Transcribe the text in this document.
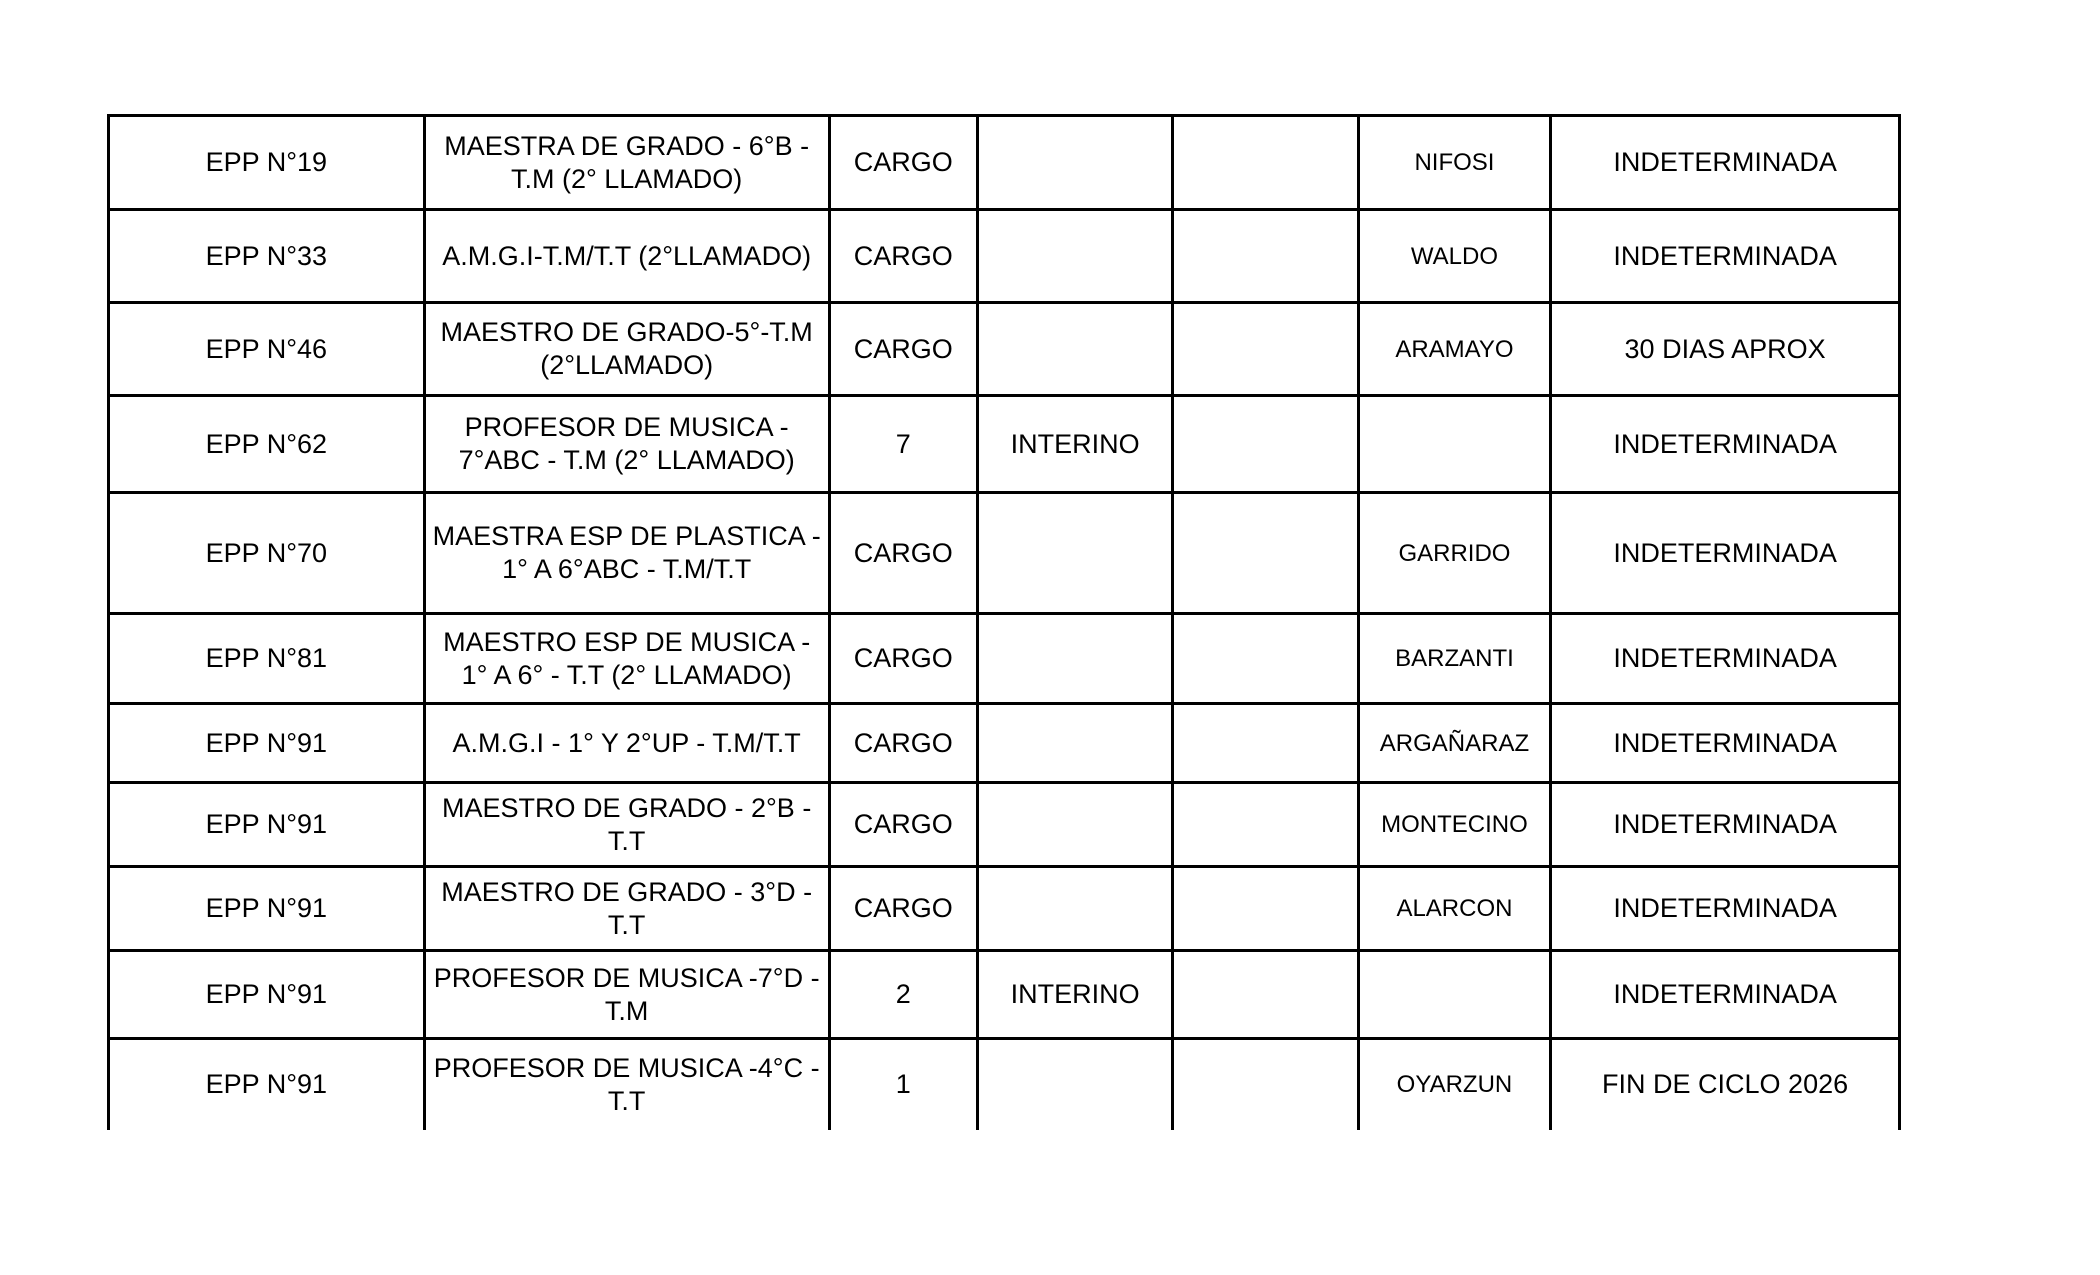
EPP N°19	MAESTRA DE GRADO - 6°B - T.M (2° LLAMADO)	CARGO			NIFOSI	INDETERMINADA
EPP N°33	A.M.G.I-T.M/T.T (2°LLAMADO)	CARGO			WALDO	INDETERMINADA
EPP N°46	MAESTRO DE GRADO-5°-T.M (2°LLAMADO)	CARGO			ARAMAYO	30 DIAS APROX
EPP N°62	PROFESOR DE MUSICA - 7°ABC - T.M (2° LLAMADO)	7	INTERINO			INDETERMINADA
EPP N°70	MAESTRA ESP DE PLASTICA - 1° A 6°ABC - T.M/T.T	CARGO			GARRIDO	INDETERMINADA
EPP N°81	MAESTRO ESP DE MUSICA - 1° A 6° - T.T (2° LLAMADO)	CARGO			BARZANTI	INDETERMINADA
EPP N°91	A.M.G.I - 1° Y 2°UP - T.M/T.T	CARGO			ARGAÑARAZ	INDETERMINADA
EPP N°91	MAESTRO DE GRADO - 2°B - T.T	CARGO			MONTECINO	INDETERMINADA
EPP N°91	MAESTRO DE GRADO - 3°D - T.T	CARGO			ALARCON	INDETERMINADA
EPP N°91	PROFESOR DE MUSICA -7°D - T.M	2	INTERINO			INDETERMINADA
EPP N°91	PROFESOR DE MUSICA -4°C - T.T	1			OYARZUN	FIN DE CICLO 2026
